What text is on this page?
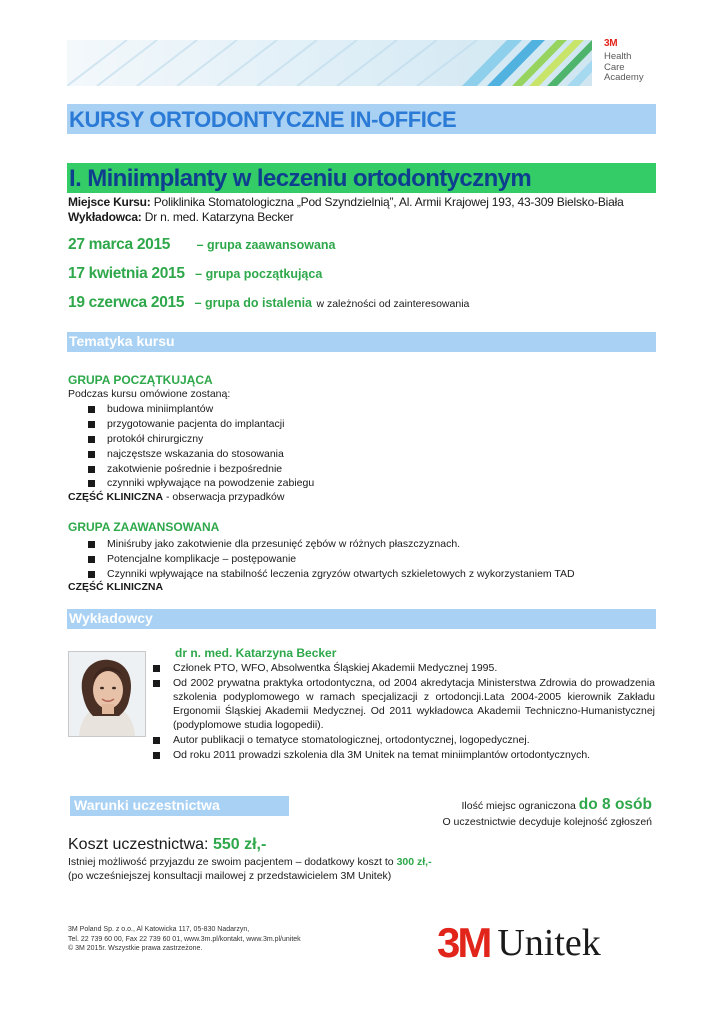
3M
Health
Care
Academy
KURSY ORTODONTYCZNE IN-OFFICE
I. Miniimplanty w leczeniu ortodontycznym
Miejsce Kursu: Poliklinika Stomatologiczna „Pod Szyndzielnią”, Al. Armii Krajowej 193, 43-309 Bielsko-Biała
Wykładowca: Dr n. med. Katarzyna Becker
27 marca 2015 – grupa zaawansowana
17 kwietnia 2015 – grupa początkująca
19 czerwca 2015 – grupa do istalenia w zależności od zainteresowania
Tematyka kursu
GRUPA POCZĄTKUJĄCA
Podczas kursu omówione zostaną:
budowa miniimplantów
przygotowanie pacjenta do implantacji
protokół chirurgiczny
najczęstsze wskazania do stosowania
zakotwienie pośrednie i bezpośrednie
czynniki wpływające na powodzenie zabiegu
CZĘŚĆ KLINICZNA - obserwacja przypadków
GRUPA ZAAWANSOWANA
Miniśruby jako zakotwienie dla przesunięć zębów w różnych płaszczyznach.
Potencjalne komplikacje – postępowanie
Czynniki wpływające na stabilność leczenia zgryzów otwartych szkieletowych z wykorzystaniem TAD
CZĘŚĆ KLINICZNA
Wykładowcy
dr n. med. Katarzyna Becker
Członek PTO, WFO, Absolwentka Śląskiej Akademii Medycznej 1995.
Od 2002 prywatna praktyka ortodontyczna, od 2004 akredytacja Ministerstwa Zdrowia do prowadzenia szkolenia podyplomowego w ramach specjalizacji z ortodoncji.Lata 2004-2005 kierownik Zakładu Ergonomii Śląskiej Akademii Medycznej. Od 2011 wykładowca Akademii Techniczno-Humanistycznej (podyplomowe studia logopedii).
Autor publikacji o tematyce stomatologicznej, ortodontycznej, logopedycznej.
Od roku 2011 prowadzi szkolenia dla 3M Unitek na temat miniimplantów ortodontycznych.
Warunki uczestnictwa	Ilość miejsc ograniczona do 8 osób
O uczestnictwie decyduje kolejność zgłoszeń
Koszt uczestnictwa: 550 zł,-
Istniej możliwość przyjazdu ze swoim pacjentem – dodatkowy koszt to 300 zł,-
(po wcześniejszej konsultacji mailowej z przedstawicielem 3M Unitek)
3M Poland Sp. z o.o., Al Katowicka 117, 05-830 Nadarzyn,
Tel. 22 739 60 00, Fax 22 739 60 01, www.3m.pl/kontakt, www.3m.pl/unitek
© 3M 2015r. Wszystkie prawa zastrzeżone.	3M Unitek
